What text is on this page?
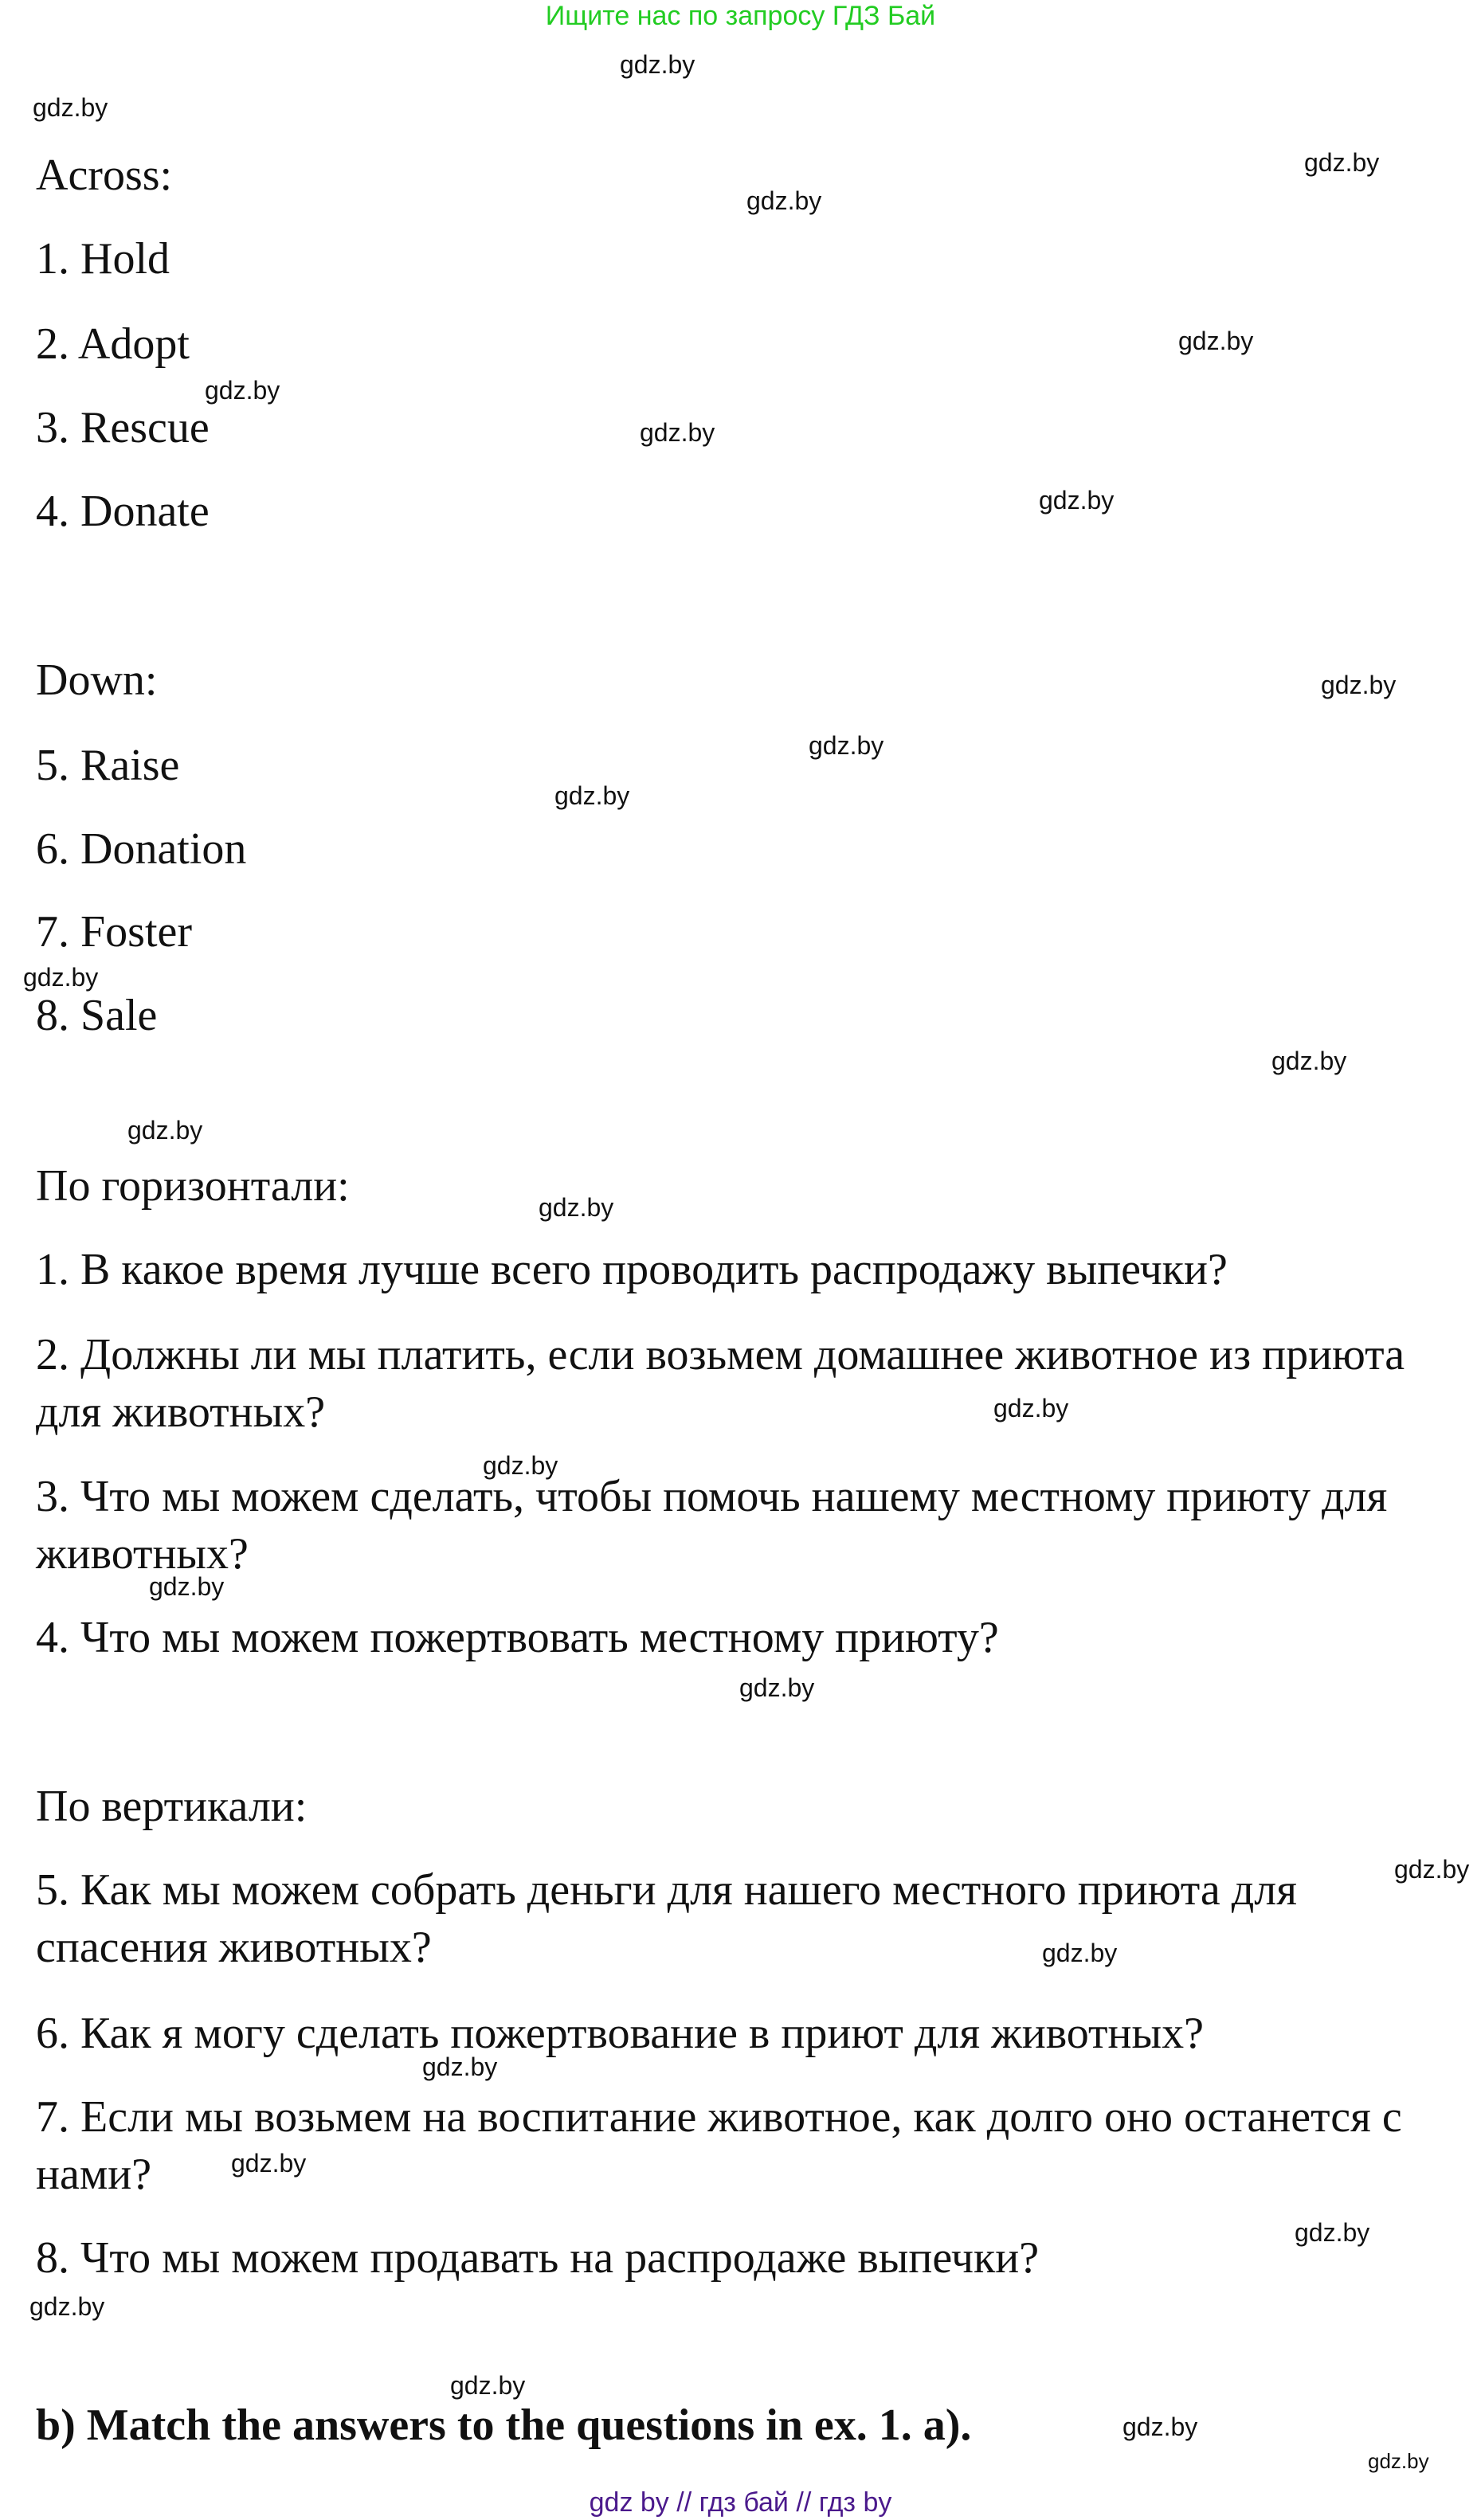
Ищите нас по запросу ГДЗ Бай
Across:
1. Hold
2. Adopt
3. Rescue
4. Donate
Down:
5. Raise
6. Donation
7. Foster
8. Sale
По горизонтали:
1. В какое время лучше всего проводить распродажу выпечки?
2. Должны ли мы платить, если возьмем домашнее животное из приюта для животных?
3. Что мы можем сделать, чтобы помочь нашему местному приюту для животных?
4. Что мы можем пожертвовать местному приюту?
По вертикали:
5. Как мы можем собрать деньги для нашего местного приюта для спасения животных?
6. Как я могу сделать пожертвование в приют для животных?
7. Если мы возьмем на воспитание животное, как долго оно останется с нами?
8. Что мы можем продавать на распродаже выпечки?
b) Match the answers to the questions in ex. 1. a).
gdz.by
gdz.by
gdz.by
gdz.by
gdz.by
gdz.by
gdz.by
gdz.by
gdz.by
gdz.by
gdz.by
gdz.by
gdz.by
gdz.by
gdz.by
gdz.by
gdz.by
gdz.by
gdz.by
gdz.by
gdz.by
gdz.by
gdz.by
gdz.by
gdz.by
gdz.by
gdz.by
gdz.by
gdz by // гдз бай // гдз by
